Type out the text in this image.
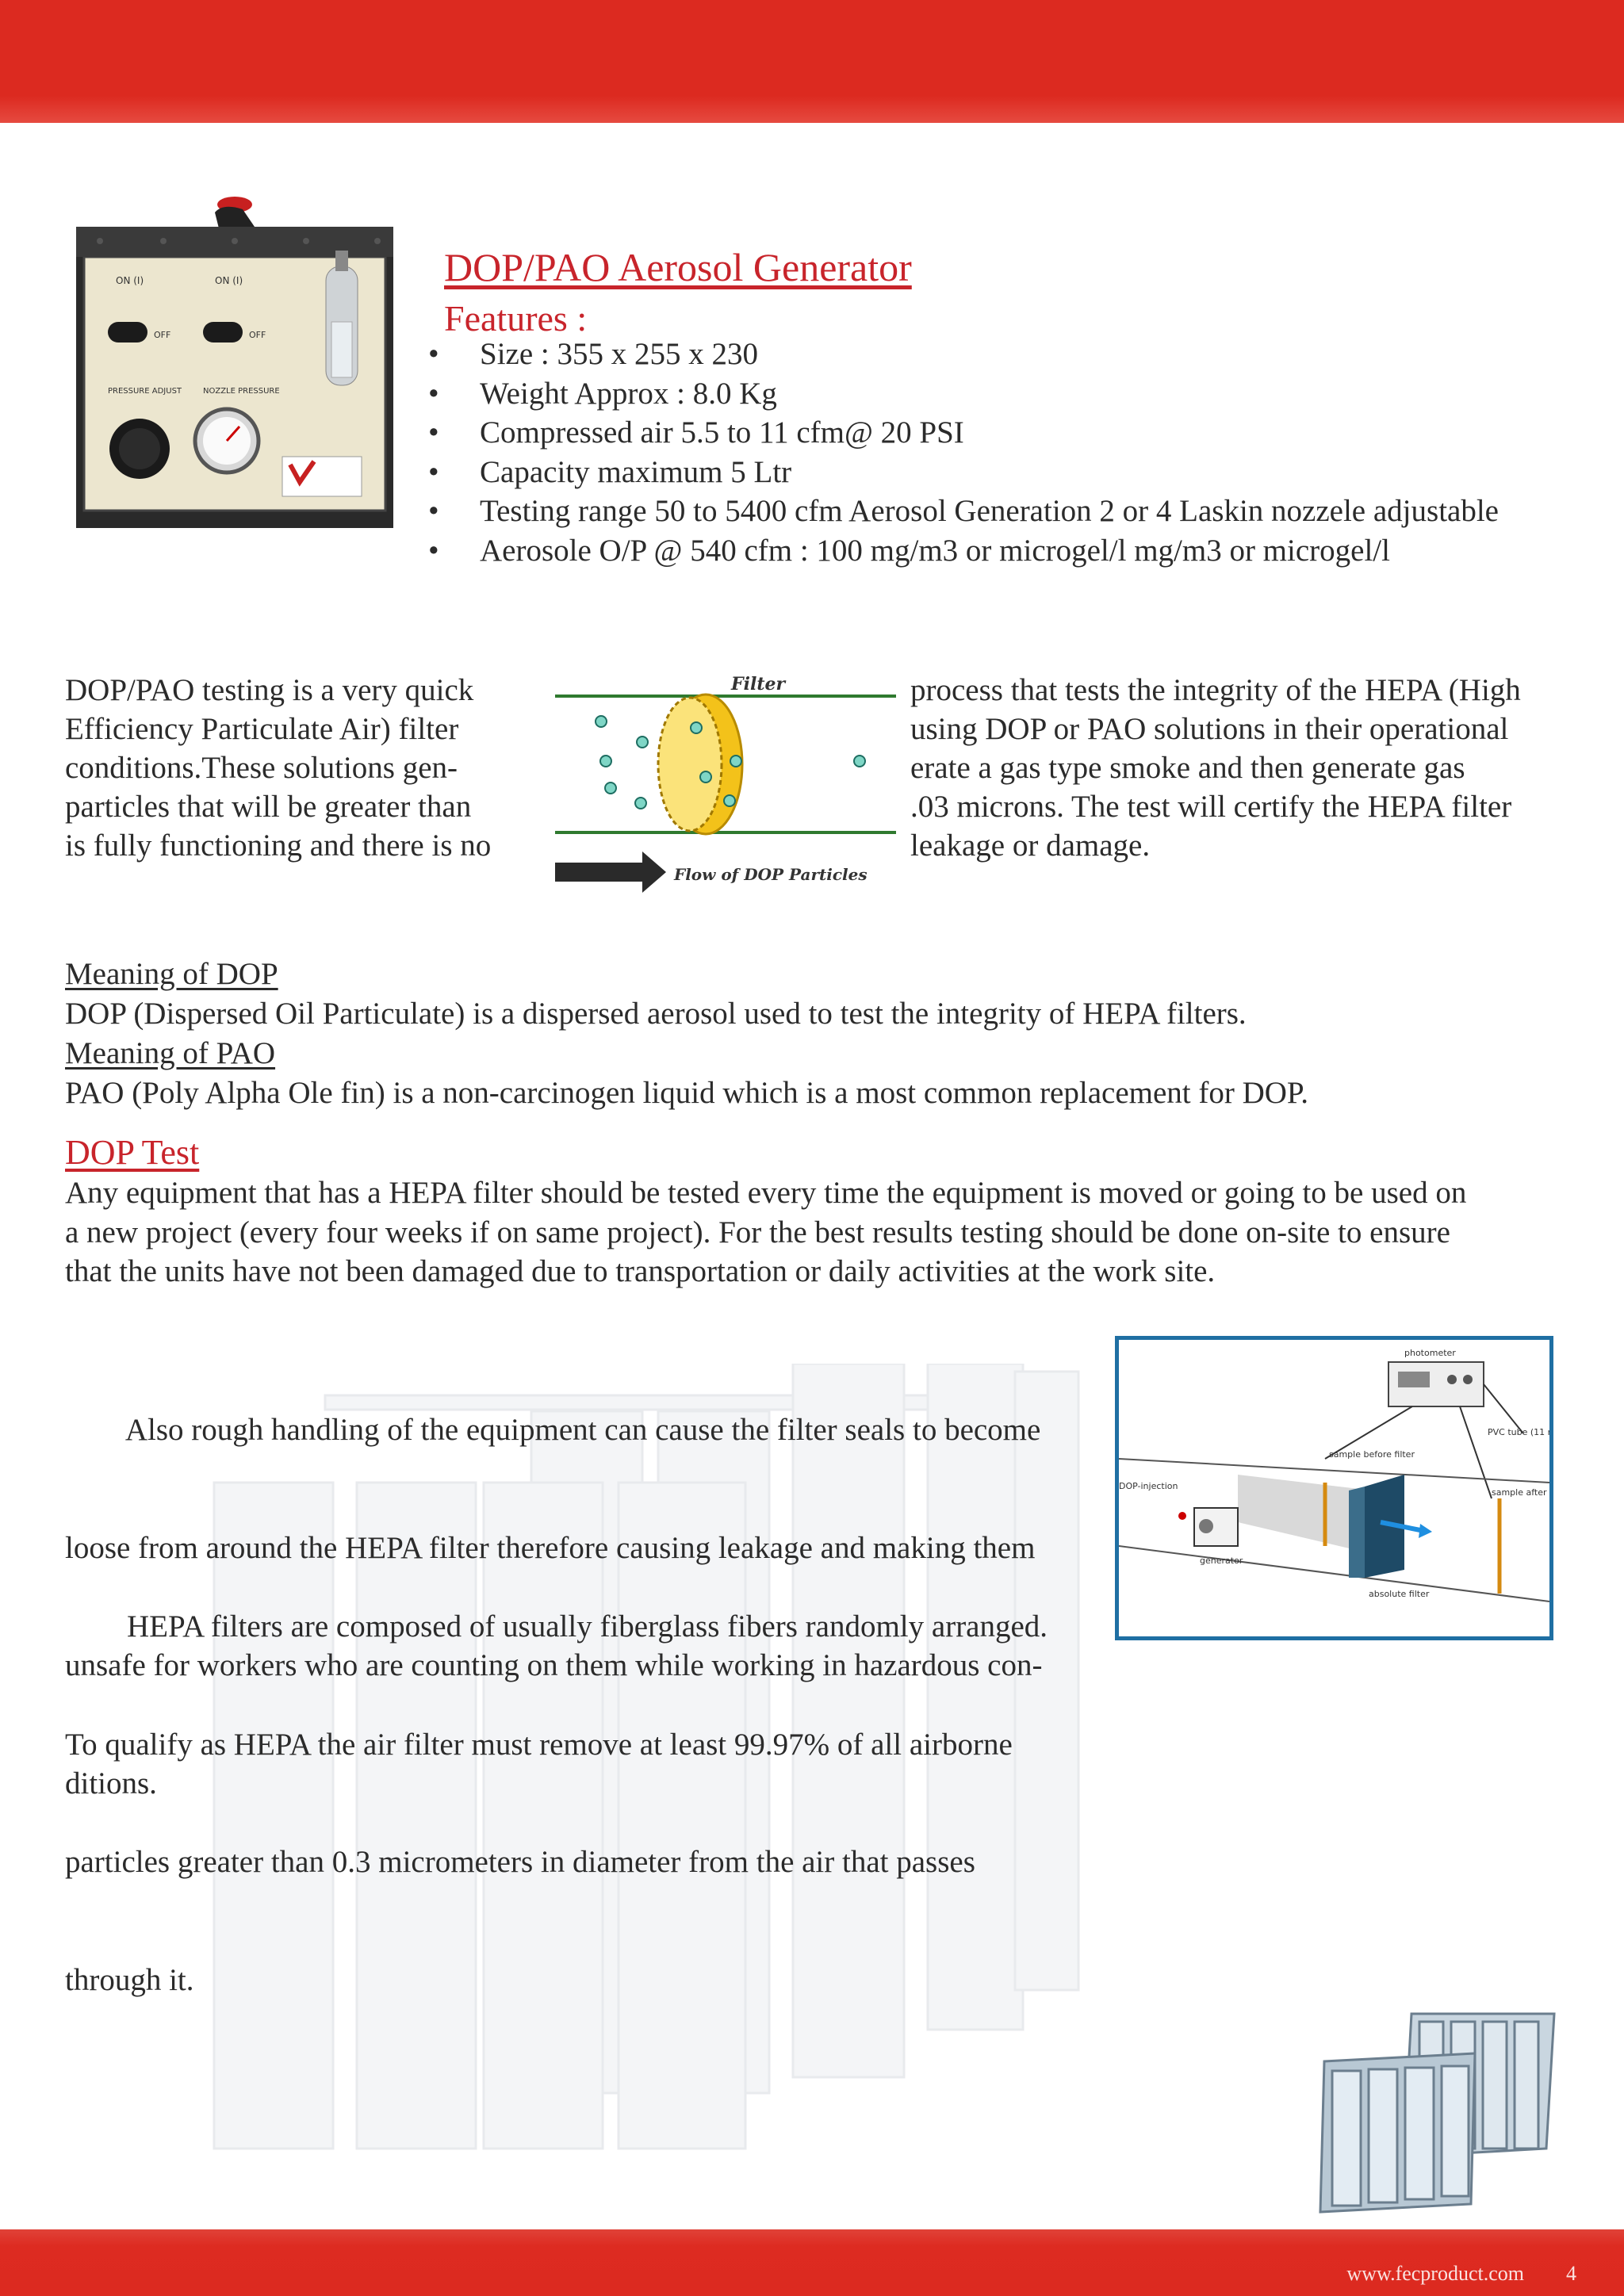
ON (I)	ON (I)
OFF	OFF
PRESSURE ADJUST	NOZZLE PRESSURE
DOP/PAO Aerosol Generator
Features :
• Size : 355 x 255 x 230
• Weight Approx : 8.0 Kg
• Compressed air 5.5 to 11 cfm@ 20 PSI
• Capacity maximum 5 Ltr
• Testing range 50 to 5400 cfm Aerosol Generation 2 or 4 Laskin nozzele adjustable
• Aerosole O/P @ 540 cfm : 100 mg/m3 or microgel/l mg/m3 or microgel/l
DOP/PAO testing is a very quick
Efficiency Particulate Air) filter
conditions.These solutions gen-
particles that will be greater than
is fully functioning and there is no
Filter
Flow of DOP Particles
process that tests the integrity of the HEPA (High
using DOP or PAO solutions in their operational
erate a gas type smoke and then generate gas
.03 microns. The test will certify the HEPA filter
leakage or damage.
Meaning of DOP
DOP (Dispersed Oil Particulate) is a dispersed aerosol used to test the integrity of HEPA filters.
Meaning of PAO
PAO (Poly Alpha Ole fin) is a non-carcinogen liquid which is a most common replacement for DOP.
DOP Test
Any equipment that has a HEPA filter should be tested every time the equipment is moved or going to be used on
a new project (every four weeks if on same project). For the best results testing should be done on-site to ensure
that the units have not been damaged due to transportation or daily activities at the work site.

Also rough handling of the equipment can cause the filter seals to become

loose from around the HEPA filter therefore causing leakage and making them

unsafe for workers who are counting on them while working in hazardous con-

ditions.

HEPA filters are composed of usually fiberglass fibers randomly arranged.

To qualify as HEPA the air filter must remove at least 99.97% of all airborne

particles greater than 0.3 micrometers in diameter from the air that passes

through it.

photometer
PVC tube (11 n
sample before filter
sample after fi
DOP-injection
generator
absolute filter
www.fecproduct.com 4
